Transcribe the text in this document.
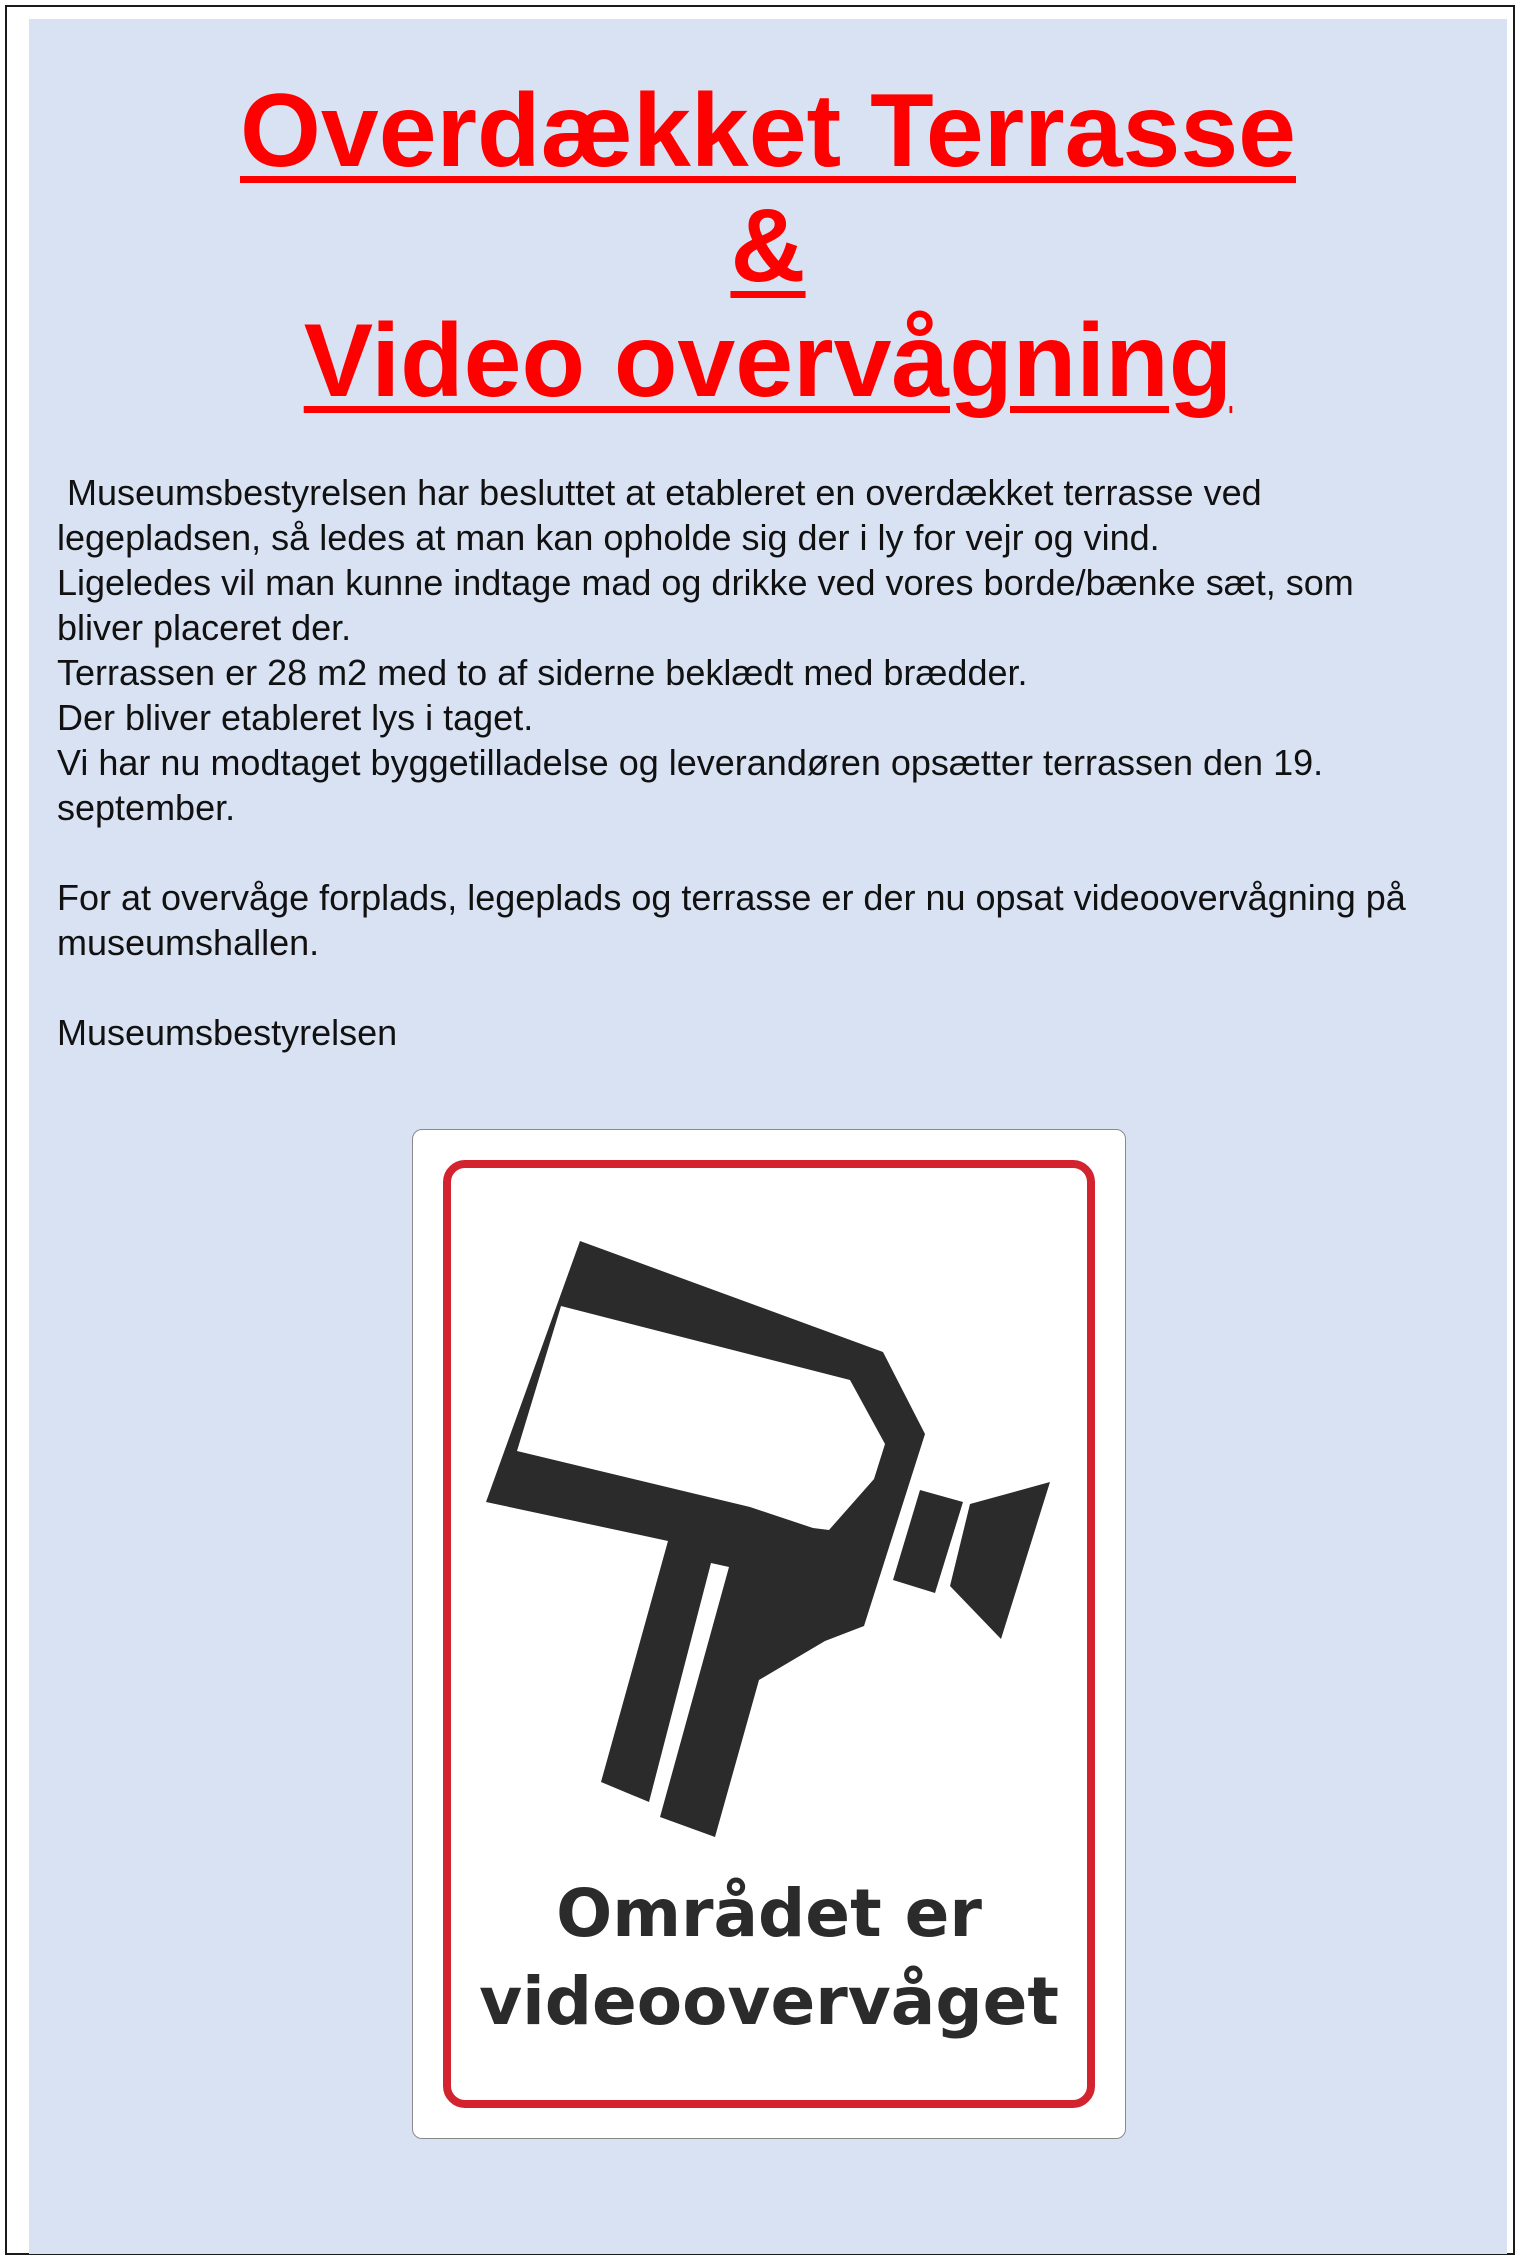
Overdækket Terrasse
&
Video overvågning

Museumsbestyrelsen har besluttet at etableret en overdækket terrasse ved

legepladsen, så ledes at man kan opholde sig der i ly for vejr og vind.

Ligeledes vil man kunne indtage mad og drikke ved vores borde/bænke sæt, som

bliver placeret der.

Terrassen er 28 m2 med to af siderne beklædt med brædder.

Der bliver etableret lys i taget.

Vi har nu modtaget byggetilladelse og leverandøren opsætter terrassen den 19.

september.

For at overvåge forplads, legeplads og terrasse er der nu opsat videoovervågning på

museumshallen.

Museumsbestyrelsen

Området er
videoovervåget
